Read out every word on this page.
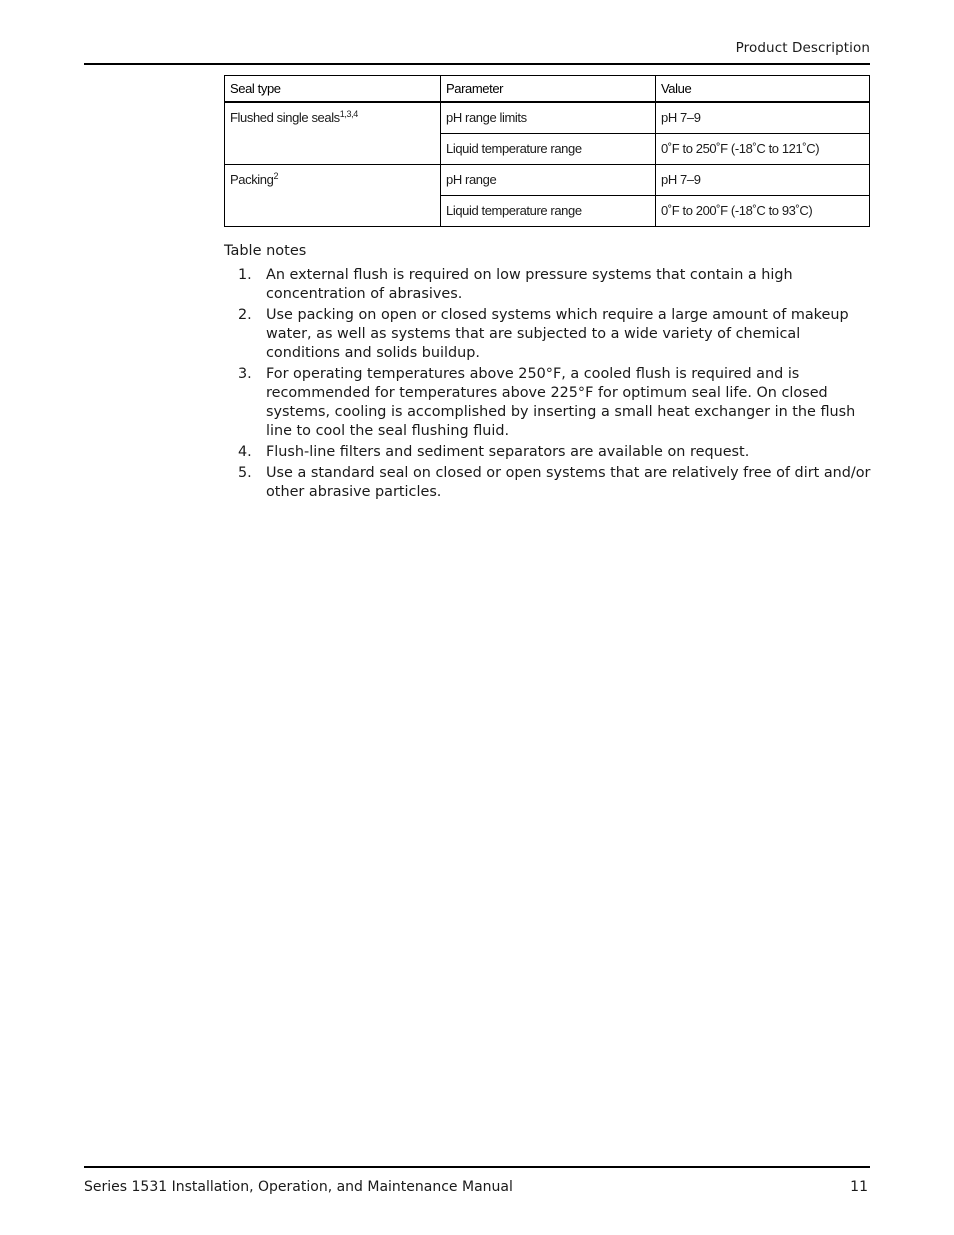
Product Description
Seal type	Parameter	Value
Flushed single seals$^{1,3,4}$	pH range limits	pH 7–9
	Liquid temperature range	0˚F to 250˚F (-18˚C to 121˚C)
Packing$^2$	pH range	pH 7–9
	Liquid temperature range	0˚F to 200˚F (-18˚C to 93˚C)
Table notes
1. An external flush is required on low pressure systems that contain a high concentration of abrasives.
2. Use packing on open or closed systems which require a large amount of makeup water, as well as systems that are subjected to a wide variety of chemical conditions and solids buildup.
3. For operating temperatures above 250°F, a cooled flush is required and is recommended for temperatures above 225°F for optimum seal life. On closed systems, cooling is accomplished by inserting a small heat exchanger in the flush line to cool the seal flushing fluid.
4. Flush-line filters and sediment separators are available on request.
5. Use a standard seal on closed or open systems that are relatively free of dirt and/or other abrasive particles.
Series 1531 Installation, Operation, and Maintenance Manual	11
